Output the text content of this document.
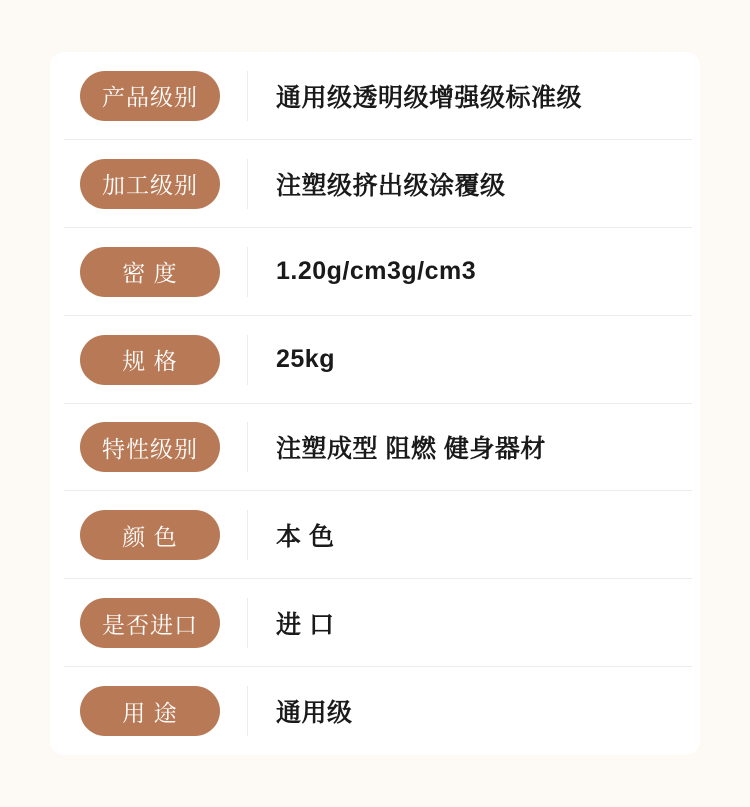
产品级别	通用级透明级增强级标准级
加工级别	注塑级挤出级涂覆级
密 度	1.20g/cm3g/cm3
规 格	25kg
特性级别	注塑成型 阻燃 健身器材
颜 色	本 色
是否进口	进 口
用 途	通用级
